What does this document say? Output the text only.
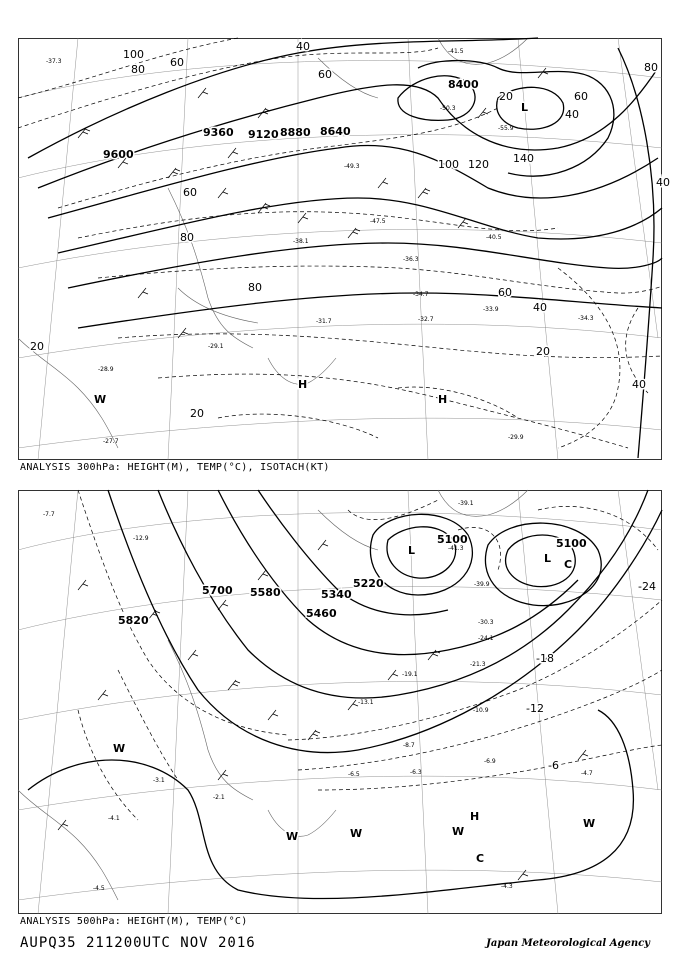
9360
9600
9120 8880 8640
8400
100
80
60
40
60
80
60
40
20
40
100 120 140
60
80
80	60
40
20
40
20
20
-37.3
-41.5
-50.3
-55.9
-49.3
-47.5
-40.5
-36.3
-38.1
-34.7
-33.9
-31.7	-32.7
-29.1
-28.9
-34.3
-29.9
-27.7
L
H
H
W
ANALYSIS 300hPa: HEIGHT(M), TEMP(°C), ISOTACH(KT)
5820
5700 5580
5460
5340
5220
5100	5100
-24
-18
-12
-6
-7.7
-12.9
-39.1
-41.3
-39.9
-30.3
-24.1
-21.3
-19.1
-13.1
-10.9
-8.7
-6.3
-6.5
-6.9
-4.7
-2.1
-3.1
-4.1
-4.5	-4.3
L
L C
W
W	W	W
H
W
C
ANALYSIS 500hPa: HEIGHT(M), TEMP(°C)
AUPQ35 211200UTC NOV 2016	Japan Meteorological Agency
